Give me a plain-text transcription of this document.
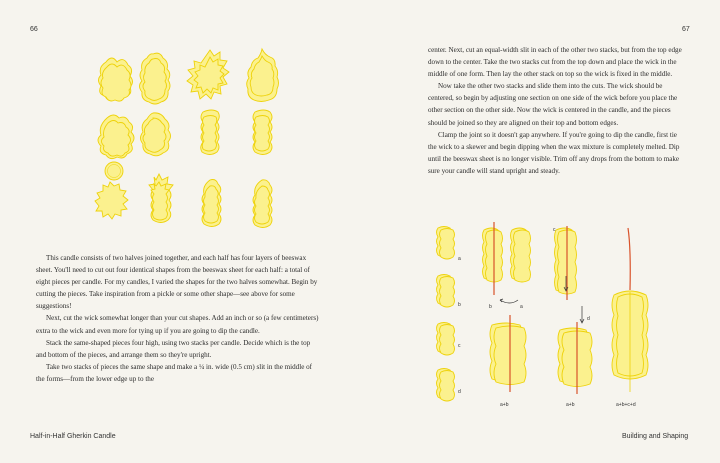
66	67

This candle consists of two halves joined together, and each half has four layers of beeswax sheet. You'll need to cut out four identical shapes from the beeswax sheet for each half: a total of eight pieces per candle. For my candles, I varied the shapes for the two halves somewhat. Begin by cutting the pieces. Take inspiration from a pickle or some other shape—see above for some suggestions!

Next, cut the wick somewhat longer than your cut shapes. Add an inch or so (a few centimeters) extra to the wick and even more for tying up if you are going to dip the candle.

Stack the same-shaped pieces four high, using two stacks per candle. Decide which is the top and bottom of the pieces, and arrange them so they're upright.

Take two stacks of pieces the same shape and make a ¼ in. wide (0.5 cm) slit in the middle of the forms—from the lower edge up to the

center. Next, cut an equal-width slit in each of the other two stacks, but from the top edge down to the center. Take the two stacks cut from the top down and place the wick in the middle of one form. Then lay the other stack on top so the wick is fixed in the middle.

Now take the other two stacks and slide them into the cuts. The wick should be centered, so begin by adjusting one section on one side of the wick before you place the other section on the other side. Now the wick is centered in the candle, and the pieces should be joined so they are aligned on their top and bottom edges.

Clamp the joint so it doesn't gap anywhere. If you're going to dip the candle, first tie the wick to a skewer and begin dipping when the wax mixture is completely melted. Dip until the beeswax sheet is no longer visible. Trim off any drops from the bottom to make sure your candle will stand upright and steady.

a
b
c
d
b	a
a+b
c
d
a+b	a+b+c+d
Half-in-Half Gherkin Candle	Building and Shaping
